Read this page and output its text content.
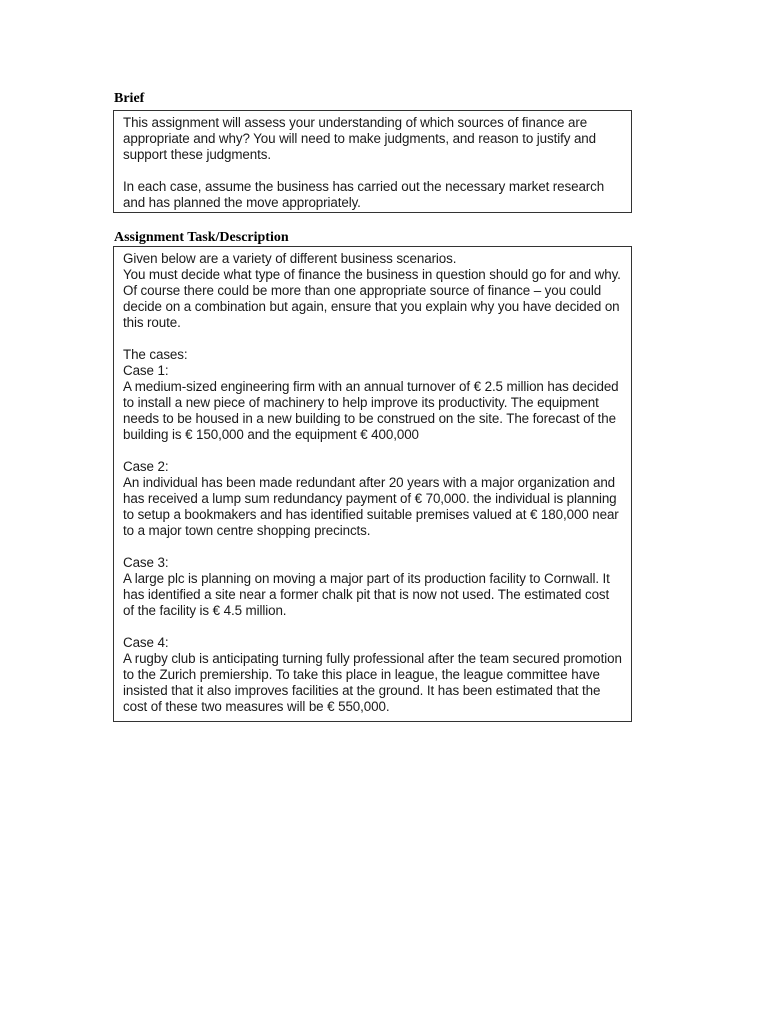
Brief

This assignment will assess your understanding of which sources of finance are appropriate and why? You will need to make judgments, and reason to justify and support these judgments.

In each case, assume the business has carried out the necessary market research and has planned the move appropriately.

Assignment Task/Description

Given below are a variety of different business scenarios.

You must decide what type of finance the business in question should go for and why. Of course there could be more than one appropriate source of finance – you could decide on a combination but again, ensure that you explain why you have decided on this route.

The cases:

Case 1:

A medium-sized engineering firm with an annual turnover of € 2.5 million has decided to install a new piece of machinery to help improve its productivity. The equipment needs to be housed in a new building to be construed on the site. The forecast of the building is € 150,000 and the equipment € 400,000

Case 2:

An individual has been made redundant after 20 years with a major organization and has received a lump sum redundancy payment of € 70,000. the individual is planning to setup a bookmakers and has identified suitable premises valued at € 180,000 near to a major town centre shopping precincts.

Case 3:

A large plc is planning on moving a major part of its production facility to Cornwall. It has identified a site near a former chalk pit that is now not used. The estimated cost of the facility is € 4.5 million.

Case 4:

A rugby club is anticipating turning fully professional after the team secured promotion to the Zurich premiership. To take this place in league, the league committee have insisted that it also improves facilities at the ground. It has been estimated that the cost of these two measures will be € 550,000.
